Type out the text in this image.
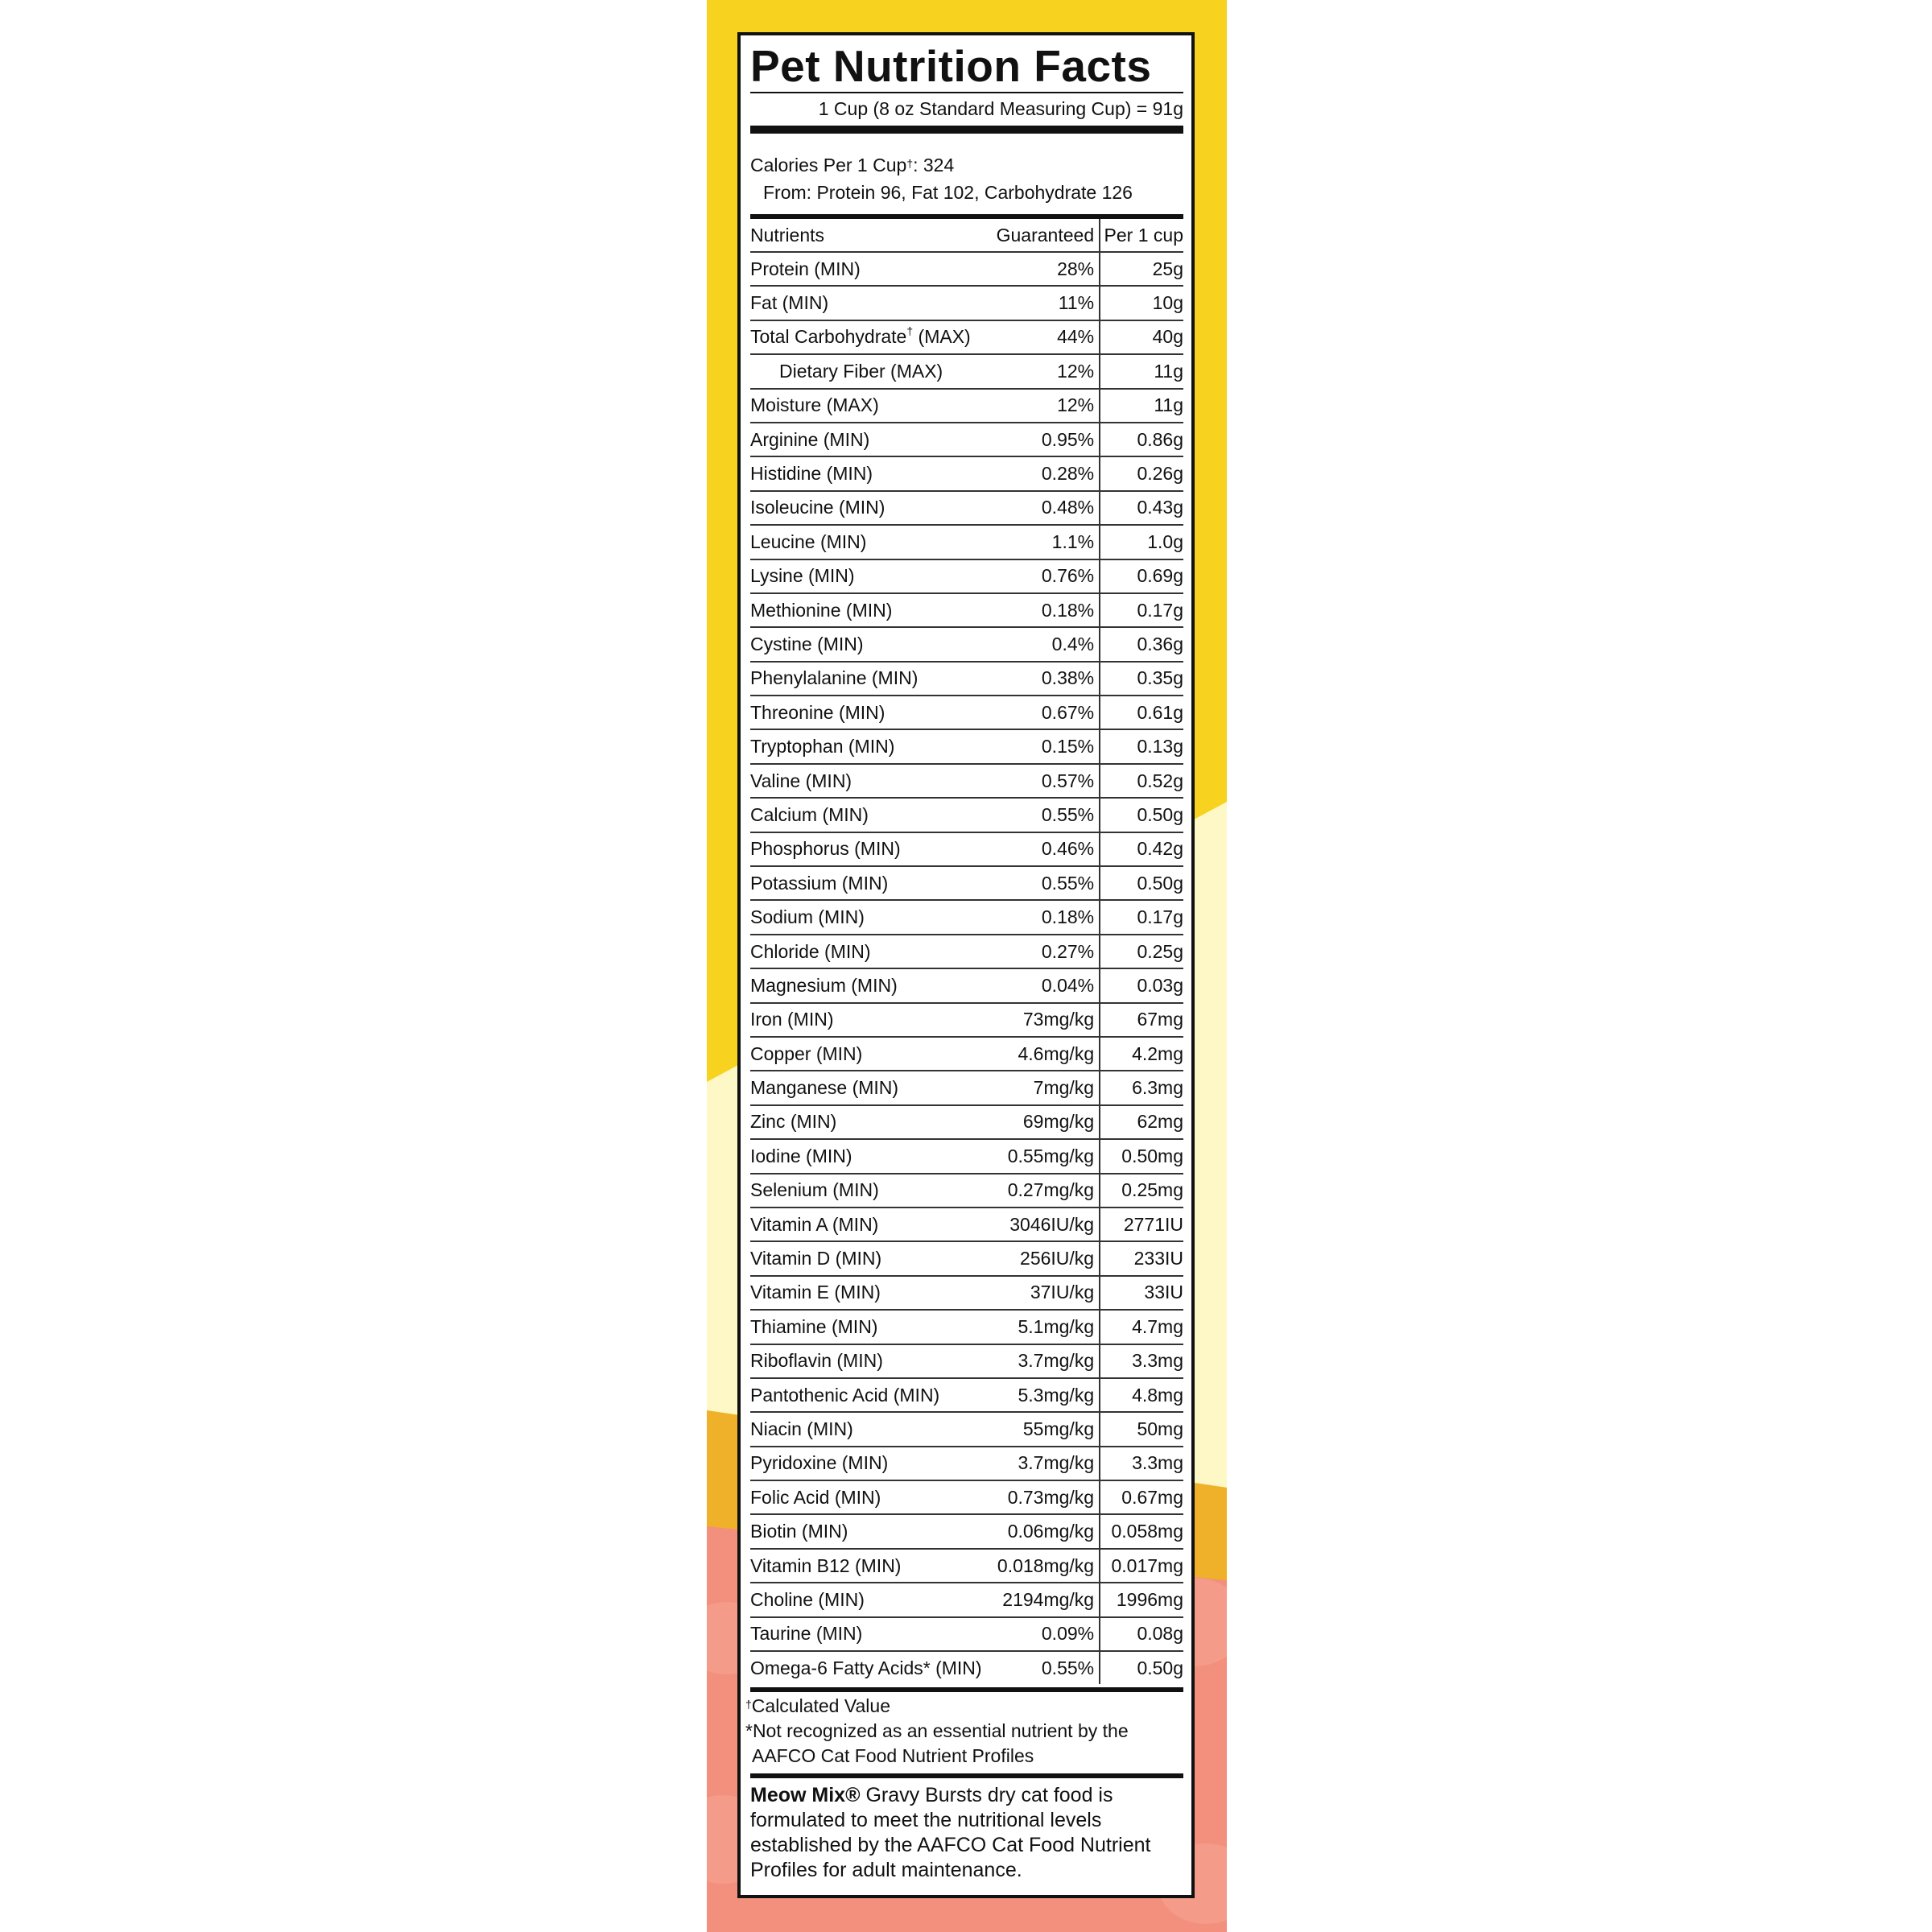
Pet Nutrition Facts
1 Cup (8 oz Standard Measuring Cup) = 91g
Calories Per 1 Cup†: 324
From: Protein 96, Fat 102, Carbohydrate 126
Nutrients	Guaranteed		Per 1 cup
Protein (MIN)	28%		25g
Fat (MIN)	11%		10g
Total Carbohydrate† (MAX)	44%		40g
Dietary Fiber (MAX)	12%		11g
Moisture (MAX)	12%		11g
Arginine (MIN)	0.95%		0.86g
Histidine (MIN)	0.28%		0.26g
Isoleucine (MIN)	0.48%		0.43g
Leucine (MIN)	1.1%		1.0g
Lysine (MIN)	0.76%		0.69g
Methionine (MIN)	0.18%		0.17g
Cystine (MIN)	0.4%		0.36g
Phenylalanine (MIN)	0.38%		0.35g
Threonine (MIN)	0.67%		0.61g
Tryptophan (MIN)	0.15%		0.13g
Valine (MIN)	0.57%		0.52g
Calcium (MIN)	0.55%		0.50g
Phosphorus (MIN)	0.46%		0.42g
Potassium (MIN)	0.55%		0.50g
Sodium (MIN)	0.18%		0.17g
Chloride (MIN)	0.27%		0.25g
Magnesium (MIN)	0.04%		0.03g
Iron (MIN)	73mg/kg		67mg
Copper (MIN)	4.6mg/kg		4.2mg
Manganese (MIN)	7mg/kg		6.3mg
Zinc (MIN)	69mg/kg		62mg
Iodine (MIN)	0.55mg/kg		0.50mg
Selenium (MIN)	0.27mg/kg		0.25mg
Vitamin A (MIN)	3046IU/kg		2771IU
Vitamin D (MIN)	256IU/kg		233IU
Vitamin E (MIN)	37IU/kg		33IU
Thiamine (MIN)	5.1mg/kg		4.7mg
Riboflavin (MIN)	3.7mg/kg		3.3mg
Pantothenic Acid (MIN)	5.3mg/kg		4.8mg
Niacin (MIN)	55mg/kg		50mg
Pyridoxine (MIN)	3.7mg/kg		3.3mg
Folic Acid (MIN)	0.73mg/kg		0.67mg
Biotin (MIN)	0.06mg/kg		0.058mg
Vitamin B12 (MIN)	0.018mg/kg		0.017mg
Choline (MIN)	2194mg/kg		1996mg
Taurine (MIN)	0.09%		0.08g
Omega-6 Fatty Acids* (MIN)	0.55%		0.50g
†Calculated Value
*Not recognized as an essential nutrient by the
AAFCO Cat Food Nutrient Profiles
Meow Mix® Gravy Bursts dry cat food is
formulated to meet the nutritional levels
established by the AAFCO Cat Food Nutrient
Profiles for adult maintenance.
